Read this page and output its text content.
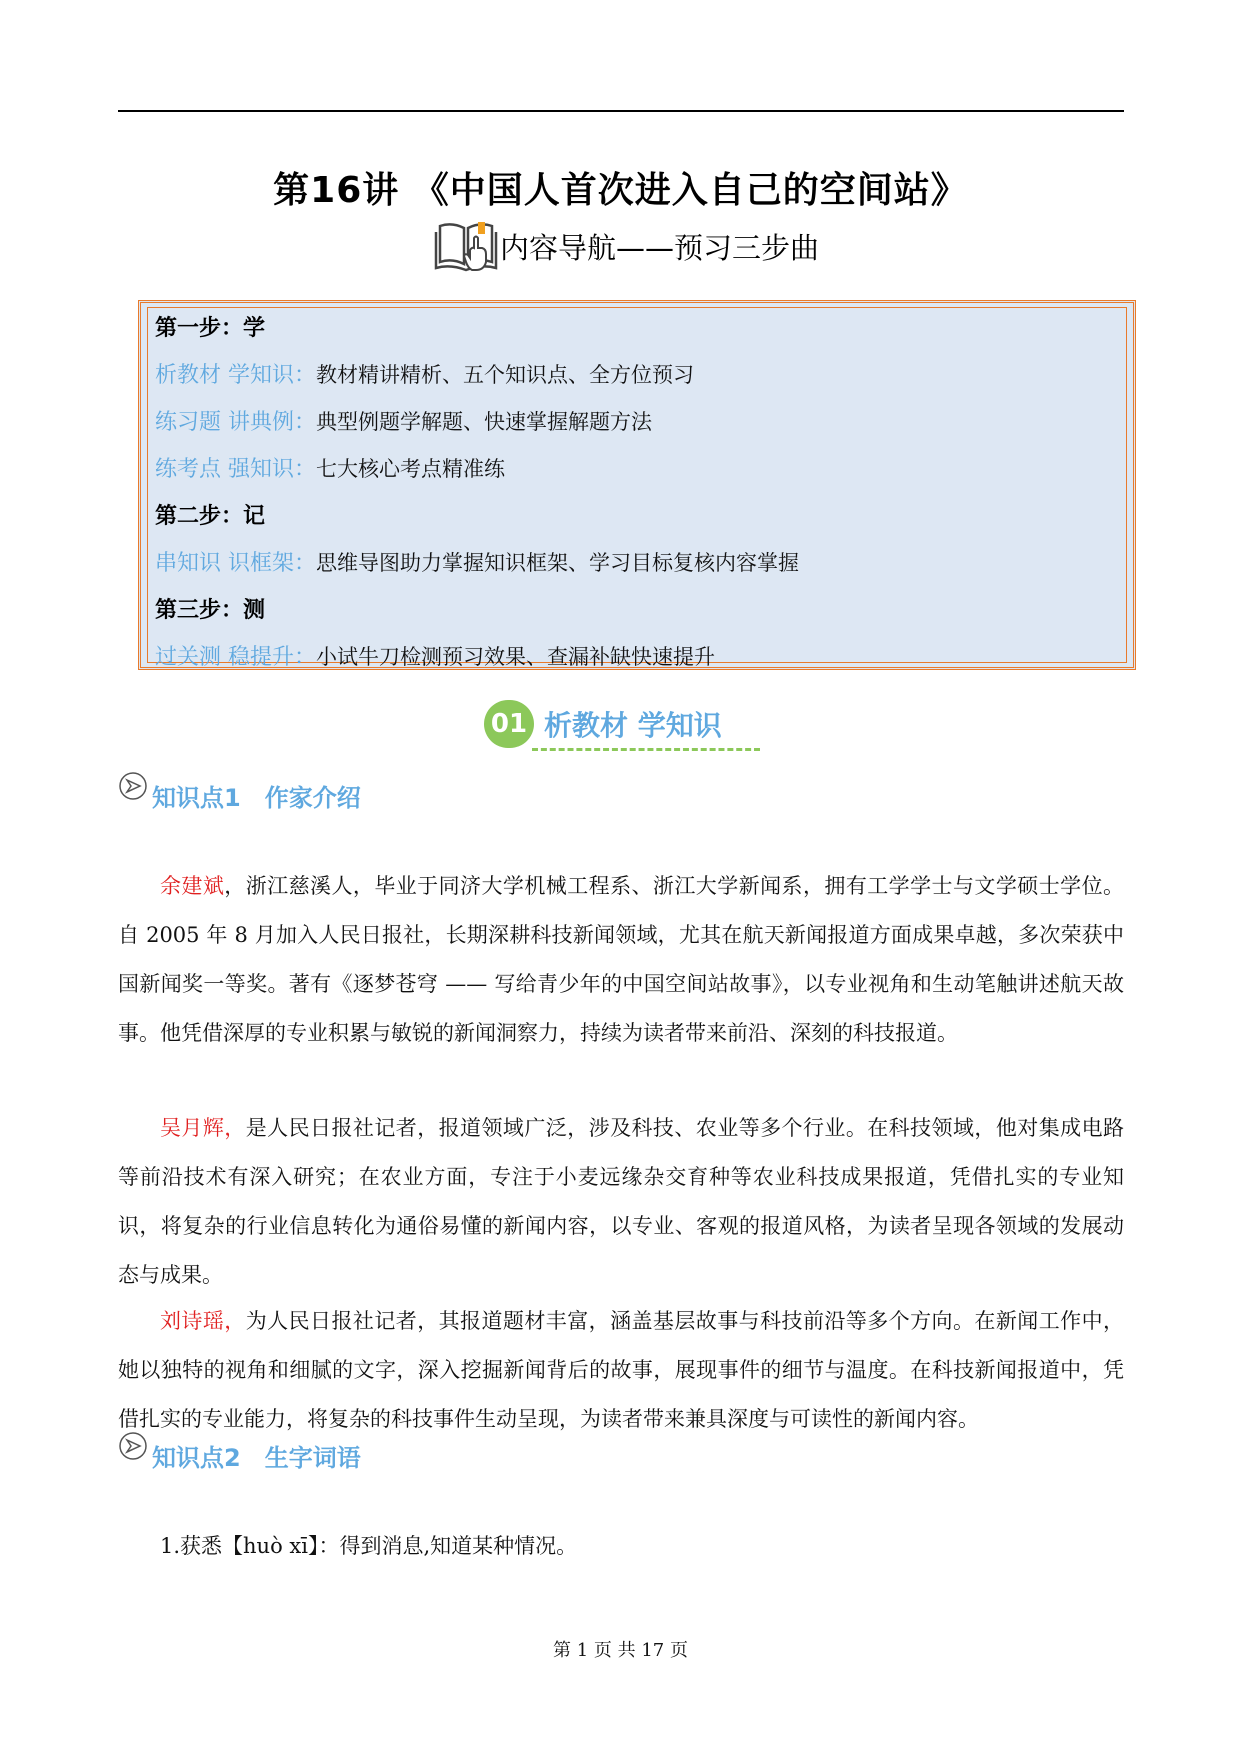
第16讲 《中国人首次进入自己的空间站》
内容导航——预习三步曲
第一步：学
析教材 学知识：教材精讲精析、五个知识点、全方位预习
练习题 讲典例：典型例题学解题、快速掌握解题方法
练考点 强知识：七大核心考点精准练
第二步：记
串知识 识框架：思维导图助力掌握知识框架、学习目标复核内容掌握
第三步：测
过关测 稳提升：小试牛刀检测预习效果、查漏补缺快速提升
01 析教材 学知识
知识点1　作家介绍
余建斌，浙江慈溪人，毕业于同济大学机械工程系、浙江大学新闻系，拥有工学学士与文学硕士学位。自 2005 年 8 月加入人民日报社，长期深耕科技新闻领域，尤其在航天新闻报道方面成果卓越，多次荣获中国新闻奖一等奖。著有《逐梦苍穹 —— 写给青少年的中国空间站故事》，以专业视角和生动笔触讲述航天故事。他凭借深厚的专业积累与敏锐的新闻洞察力，持续为读者带来前沿、深刻的科技报道。
吴月辉，是人民日报社记者，报道领域广泛，涉及科技、农业等多个行业。在科技领域，他对集成电路等前沿技术有深入研究；在农业方面，专注于小麦远缘杂交育种等农业科技成果报道，凭借扎实的专业知识，将复杂的行业信息转化为通俗易懂的新闻内容，以专业、客观的报道风格，为读者呈现各领域的发展动态与成果。
刘诗瑶，为人民日报社记者，其报道题材丰富，涵盖基层故事与科技前沿等多个方向。在新闻工作中，她以独特的视角和细腻的文字，深入挖掘新闻背后的故事，展现事件的细节与温度。在科技新闻报道中，凭借扎实的专业能力，将复杂的科技事件生动呈现，为读者带来兼具深度与可读性的新闻内容。
知识点2　生字词语
1.获悉【huò xī】：得到消息,知道某种情况。
第 1 页 共 17 页
